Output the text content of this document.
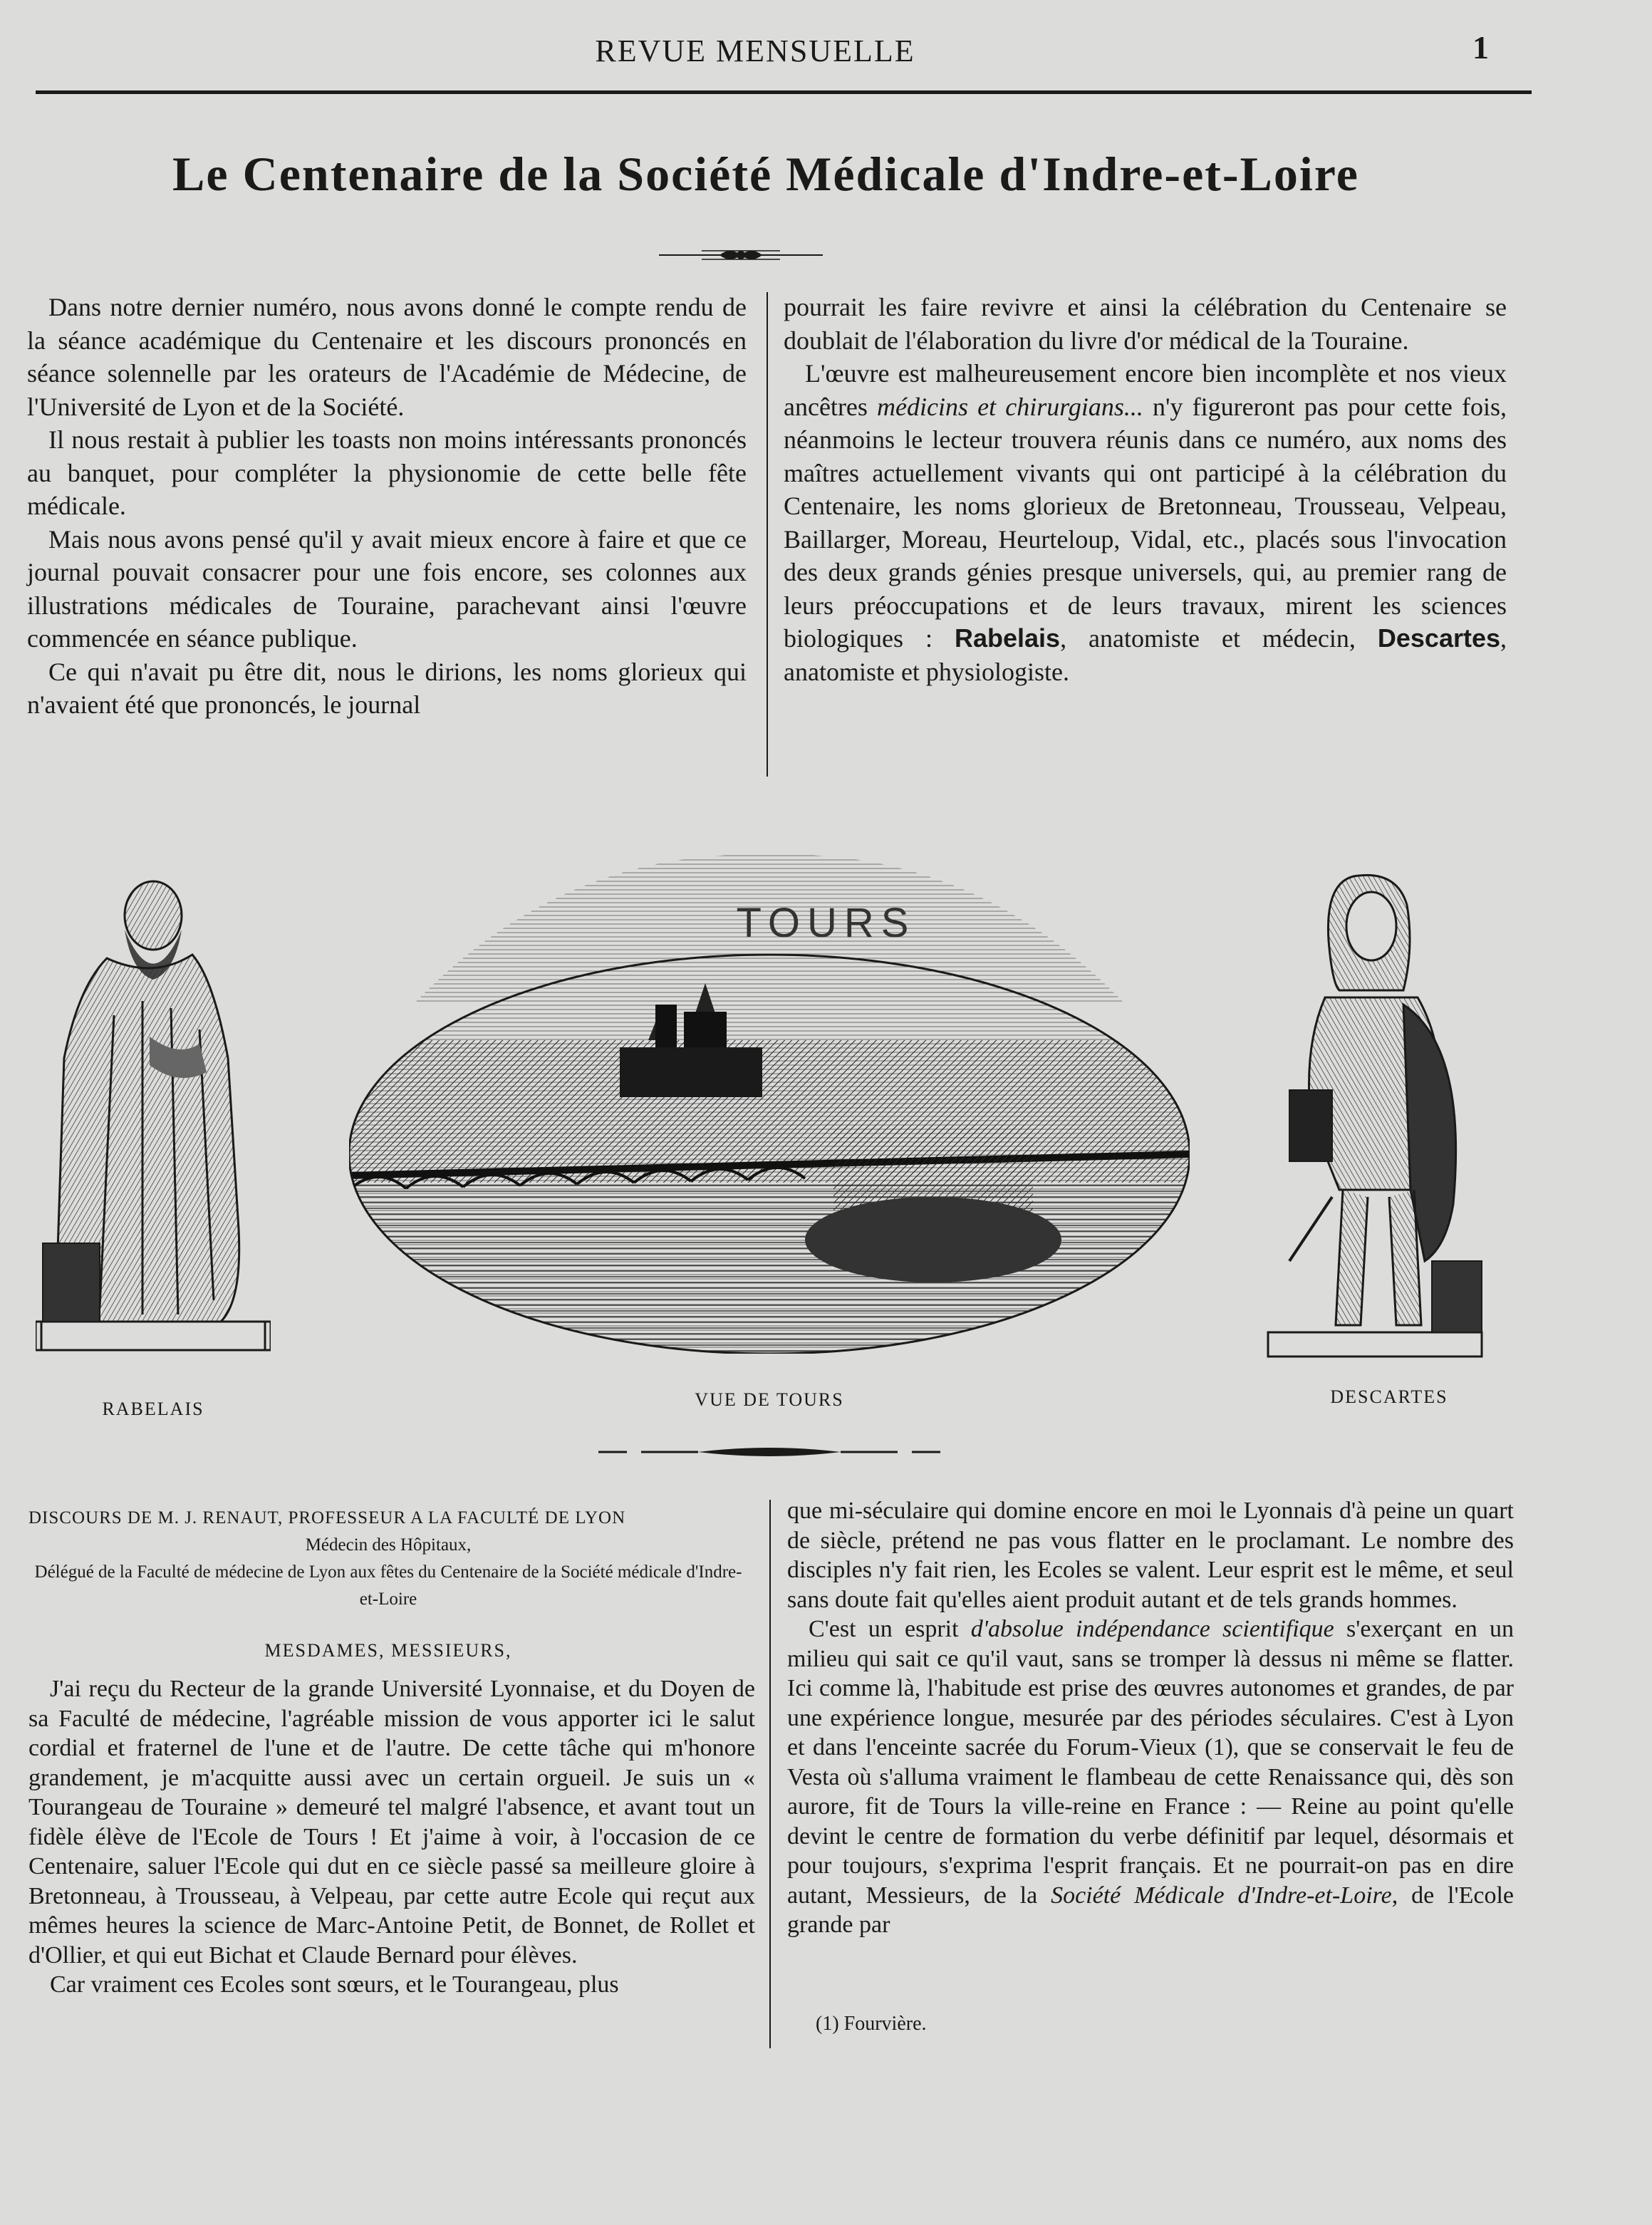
REVUE MENSUELLE	1
Le Centenaire de la Société Médicale d'Indre-et-Loire

Dans notre dernier numéro, nous avons donné le compte rendu de la séance académique du Centenaire et les discours prononcés en séance solennelle par les orateurs de l'Académie de Médecine, de l'Université de Lyon et de la Société.

Il nous restait à publier les toasts non moins intéressants prononcés au banquet, pour compléter la physionomie de cette belle fête médicale.

Mais nous avons pensé qu'il y avait mieux encore à faire et que ce journal pouvait consacrer pour une fois encore, ses colonnes aux illustrations médicales de Touraine, parachevant ainsi l'œuvre commencée en séance publique.

Ce qui n'avait pu être dit, nous le dirions, les noms glorieux qui n'avaient été que prononcés, le journal

pourrait les faire revivre et ainsi la célébration du Centenaire se doublait de l'élaboration du livre d'or médical de la Touraine.

L'œuvre est malheureusement encore bien incomplète et nos vieux ancêtres médicins et chirurgians... n'y figureront pas pour cette fois, néanmoins le lecteur trouvera réunis dans ce numéro, aux noms des maîtres actuellement vivants qui ont participé à la célébration du Centenaire, les noms glorieux de Bretonneau, Trousseau, Velpeau, Baillarger, Moreau, Heurteloup, Vidal, etc., placés sous l'invocation des deux grands génies presque universels, qui, au premier rang de leurs préoccupations et de leurs travaux, mirent les sciences biologiques : Rabelais, anatomiste et médecin, Descartes, anatomiste et physiologiste.

TOURS
RABELAIS	VUE DE TOURS	DESCARTES
DISCOURS DE M. J. RENAUT, PROFESSEUR A LA FACULTÉ DE LYON
Médecin des Hôpitaux,
Délégué de la Faculté de médecine de Lyon aux fêtes du Centenaire de la Société médicale d'Indre-et-Loire
MESDAMES, MESSIEURS,

J'ai reçu du Recteur de la grande Université Lyonnaise, et du Doyen de sa Faculté de médecine, l'agréable mission de vous apporter ici le salut cordial et fraternel de l'une et de l'autre. De cette tâche qui m'honore grandement, je m'acquitte aussi avec un certain orgueil. Je suis un « Tourangeau de Touraine » demeuré tel malgré l'absence, et avant tout un fidèle élève de l'Ecole de Tours ! Et j'aime à voir, à l'occasion de ce Centenaire, saluer l'Ecole qui dut en ce siècle passé sa meilleure gloire à Bretonneau, à Trousseau, à Velpeau, par cette autre Ecole qui reçut aux mêmes heures la science de Marc-Antoine Petit, de Bonnet, de Rollet et d'Ollier, et qui eut Bichat et Claude Bernard pour élèves.

Car vraiment ces Ecoles sont sœurs, et le Tourangeau, plus

que mi-séculaire qui domine encore en moi le Lyonnais d'à peine un quart de siècle, prétend ne pas vous flatter en le proclamant. Le nombre des disciples n'y fait rien, les Ecoles se valent. Leur esprit est le même, et seul sans doute fait qu'elles aient produit autant et de tels grands hommes.

C'est un esprit d'absolue indépendance scientifique s'exerçant en un milieu qui sait ce qu'il vaut, sans se tromper là dessus ni même se flatter. Ici comme là, l'habitude est prise des œuvres autonomes et grandes, de par une expérience longue, mesurée par des périodes séculaires. C'est à Lyon et dans l'enceinte sacrée du Forum-Vieux (1), que se conservait le feu de Vesta où s'alluma vraiment le flambeau de cette Renaissance qui, dès son aurore, fit de Tours la ville-reine en France : — Reine au point qu'elle devint le centre de formation du verbe définitif par lequel, désormais et pour toujours, s'exprima l'esprit français. Et ne pourrait-on pas en dire autant, Messieurs, de la Société Médicale d'Indre-et-Loire, de l'Ecole grande par

(1) Fourvière.
